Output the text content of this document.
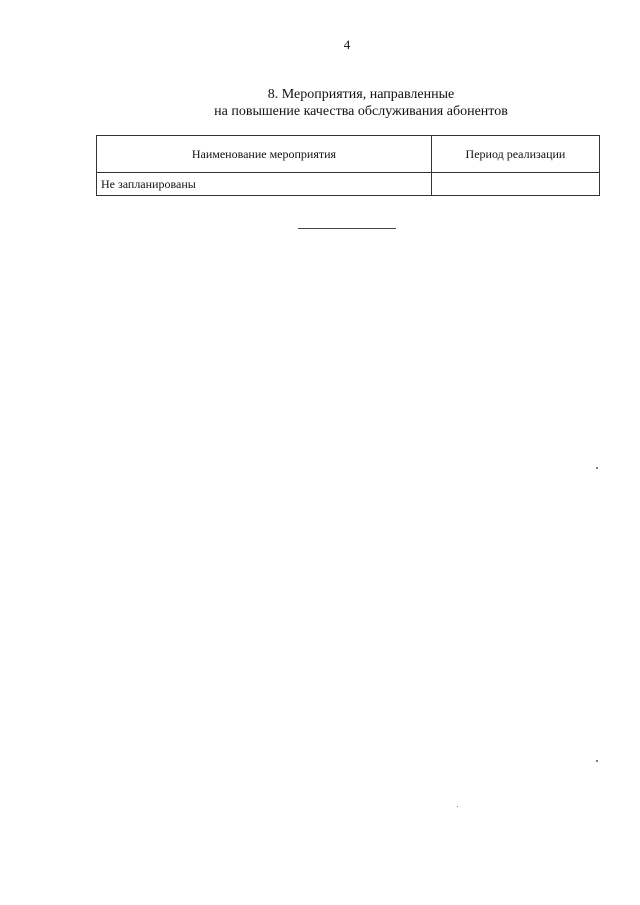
4
8. Мероприятия, направленные
на повышение качества обслуживания абонентов
Наименование мероприятия	Период реализации
Не запланированы	
